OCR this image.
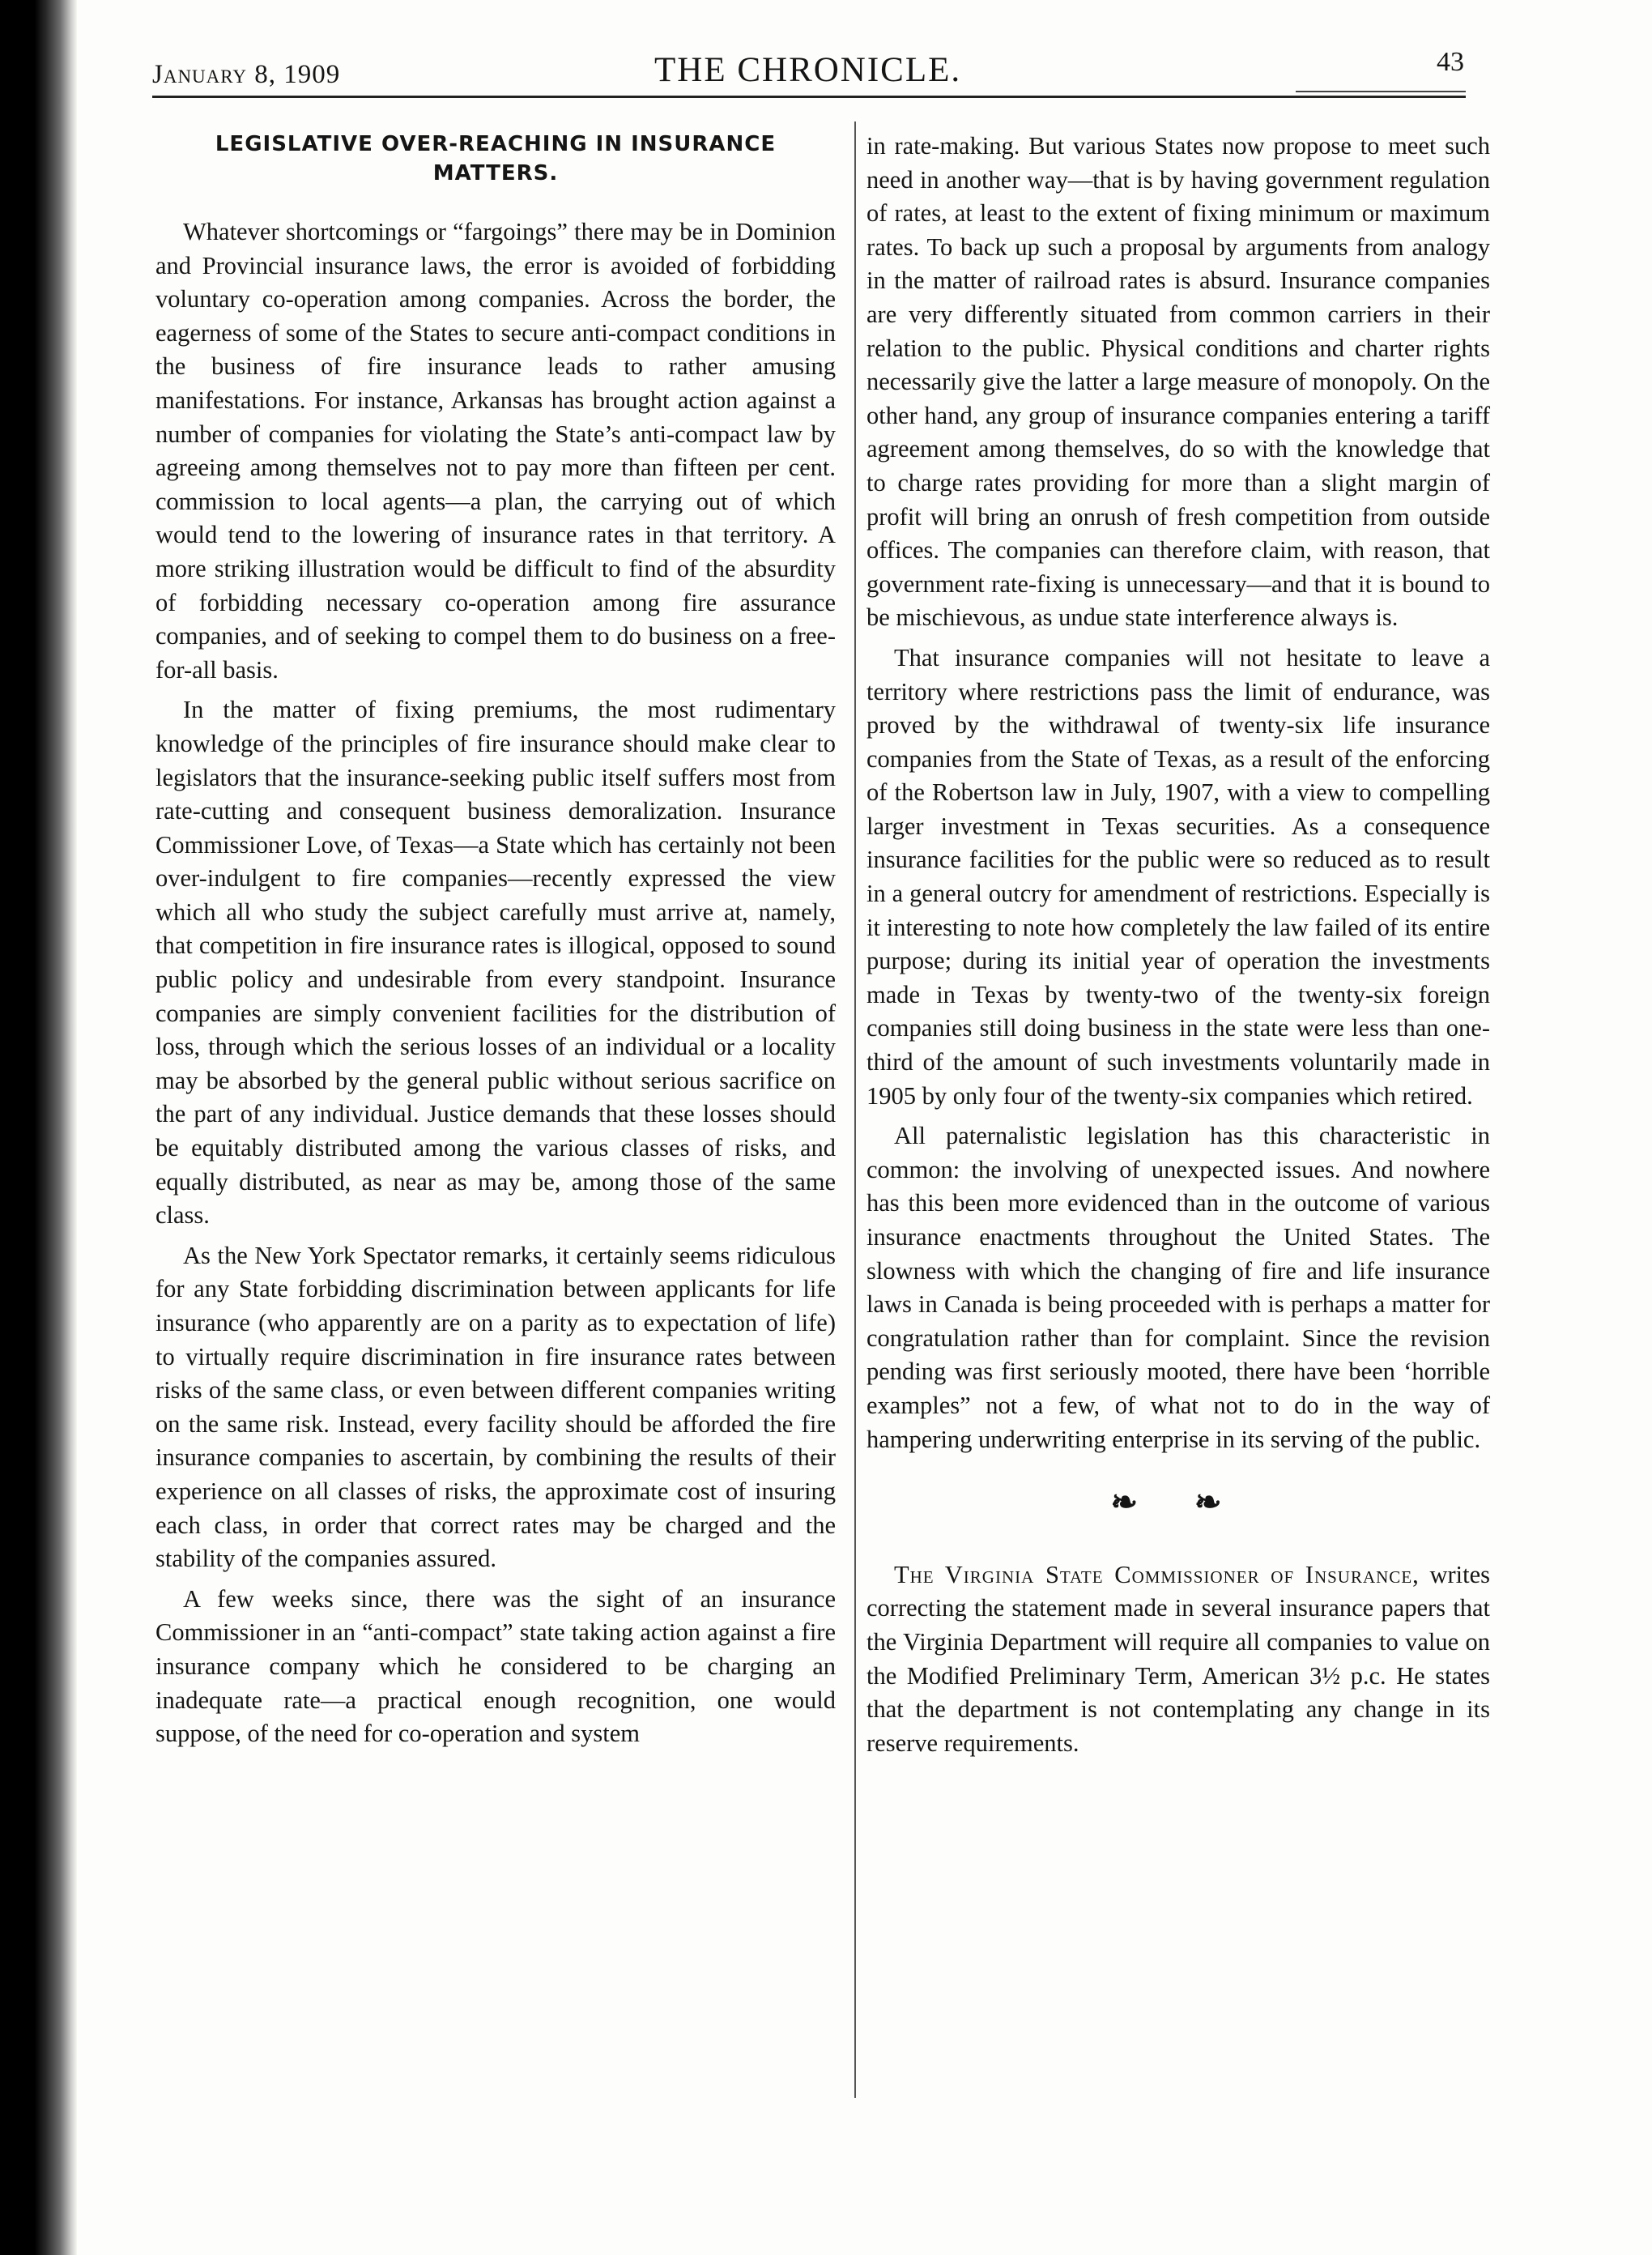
January 8, 1909	THE CHRONICLE.	43
LEGISLATIVE OVER-REACHING IN INSURANCE MATTERS.

Whatever shortcomings or “fargoings” there may be in Dominion and Provincial insurance laws, the error is avoided of forbidding voluntary co-operation among companies. Across the border, the eagerness of some of the States to secure anti-compact conditions in the business of fire insurance leads to rather amusing manifestations. For instance, Arkansas has brought action against a number of companies for violating the State’s anti-compact law by agreeing among themselves not to pay more than fifteen per cent. commission to local agents—a plan, the carrying out of which would tend to the lowering of insurance rates in that territory. A more striking illustration would be difficult to find of the absurdity of forbidding necessary co-operation among fire assurance companies, and of seeking to compel them to do business on a free-for-all basis.

In the matter of fixing premiums, the most rudimentary knowledge of the principles of fire insurance should make clear to legislators that the insurance-seeking public itself suffers most from rate-cutting and consequent business demoralization. Insurance Commissioner Love, of Texas—a State which has certainly not been over-indulgent to fire companies—recently expressed the view which all who study the subject carefully must arrive at, namely, that competition in fire insurance rates is illogical, opposed to sound public policy and undesirable from every standpoint. Insurance companies are simply convenient facilities for the distribution of loss, through which the serious losses of an individual or a locality may be absorbed by the general public without serious sacrifice on the part of any individual. Justice demands that these losses should be equitably distributed among the various classes of risks, and equally distributed, as near as may be, among those of the same class.

As the New York Spectator remarks, it certainly seems ridiculous for any State forbidding discrimination between applicants for life insurance (who apparently are on a parity as to expectation of life) to virtually require discrimination in fire insurance rates between risks of the same class, or even between different companies writing on the same risk. Instead, every facility should be afforded the fire insurance companies to ascertain, by combining the results of their experience on all classes of risks, the approximate cost of insuring each class, in order that correct rates may be charged and the stability of the companies assured.

A few weeks since, there was the sight of an insurance Commissioner in an “anti-compact” state taking action against a fire insurance company which he considered to be charging an inadequate rate—a practical enough recognition, one would suppose, of the need for co-operation and system

in rate-making. But various States now propose to meet such need in another way—that is by having government regulation of rates, at least to the extent of fixing minimum or maximum rates. To back up such a proposal by arguments from analogy in the matter of railroad rates is absurd. Insurance companies are very differently situated from common carriers in their relation to the public. Physical conditions and charter rights necessarily give the latter a large measure of monopoly. On the other hand, any group of insurance companies entering a tariff agreement among themselves, do so with the knowledge that to charge rates providing for more than a slight margin of profit will bring an onrush of fresh competition from outside offices. The companies can therefore claim, with reason, that government rate-fixing is unnecessary—and that it is bound to be mischievous, as undue state interference always is.

That insurance companies will not hesitate to leave a territory where restrictions pass the limit of endurance, was proved by the withdrawal of twenty-six life insurance companies from the State of Texas, as a result of the enforcing of the Robertson law in July, 1907, with a view to compelling larger investment in Texas securities. As a consequence insurance facilities for the public were so reduced as to result in a general outcry for amendment of restrictions. Especially is it interesting to note how completely the law failed of its entire purpose; during its initial year of operation the investments made in Texas by twenty-two of the twenty-six foreign companies still doing business in the state were less than one-third of the amount of such investments voluntarily made in 1905 by only four of the twenty-six companies which retired.

All paternalistic legislation has this characteristic in common: the involving of unexpected issues. And nowhere has this been more evidenced than in the outcome of various insurance enactments throughout the United States. The slowness with which the changing of fire and life insurance laws in Canada is being proceeded with is perhaps a matter for congratulation rather than for complaint. Since the revision pending was first seriously mooted, there have been ‘horrible examples” not a few, of what not to do in the way of hampering underwriting enterprise in its serving of the public.

❧ ❧

The Virginia State Commissioner of Insurance, writes correcting the statement made in several insurance papers that the Virginia Department will require all companies to value on the Modified Preliminary Term, American 3½ p.c. He states that the department is not contemplating any change in its reserve requirements.
